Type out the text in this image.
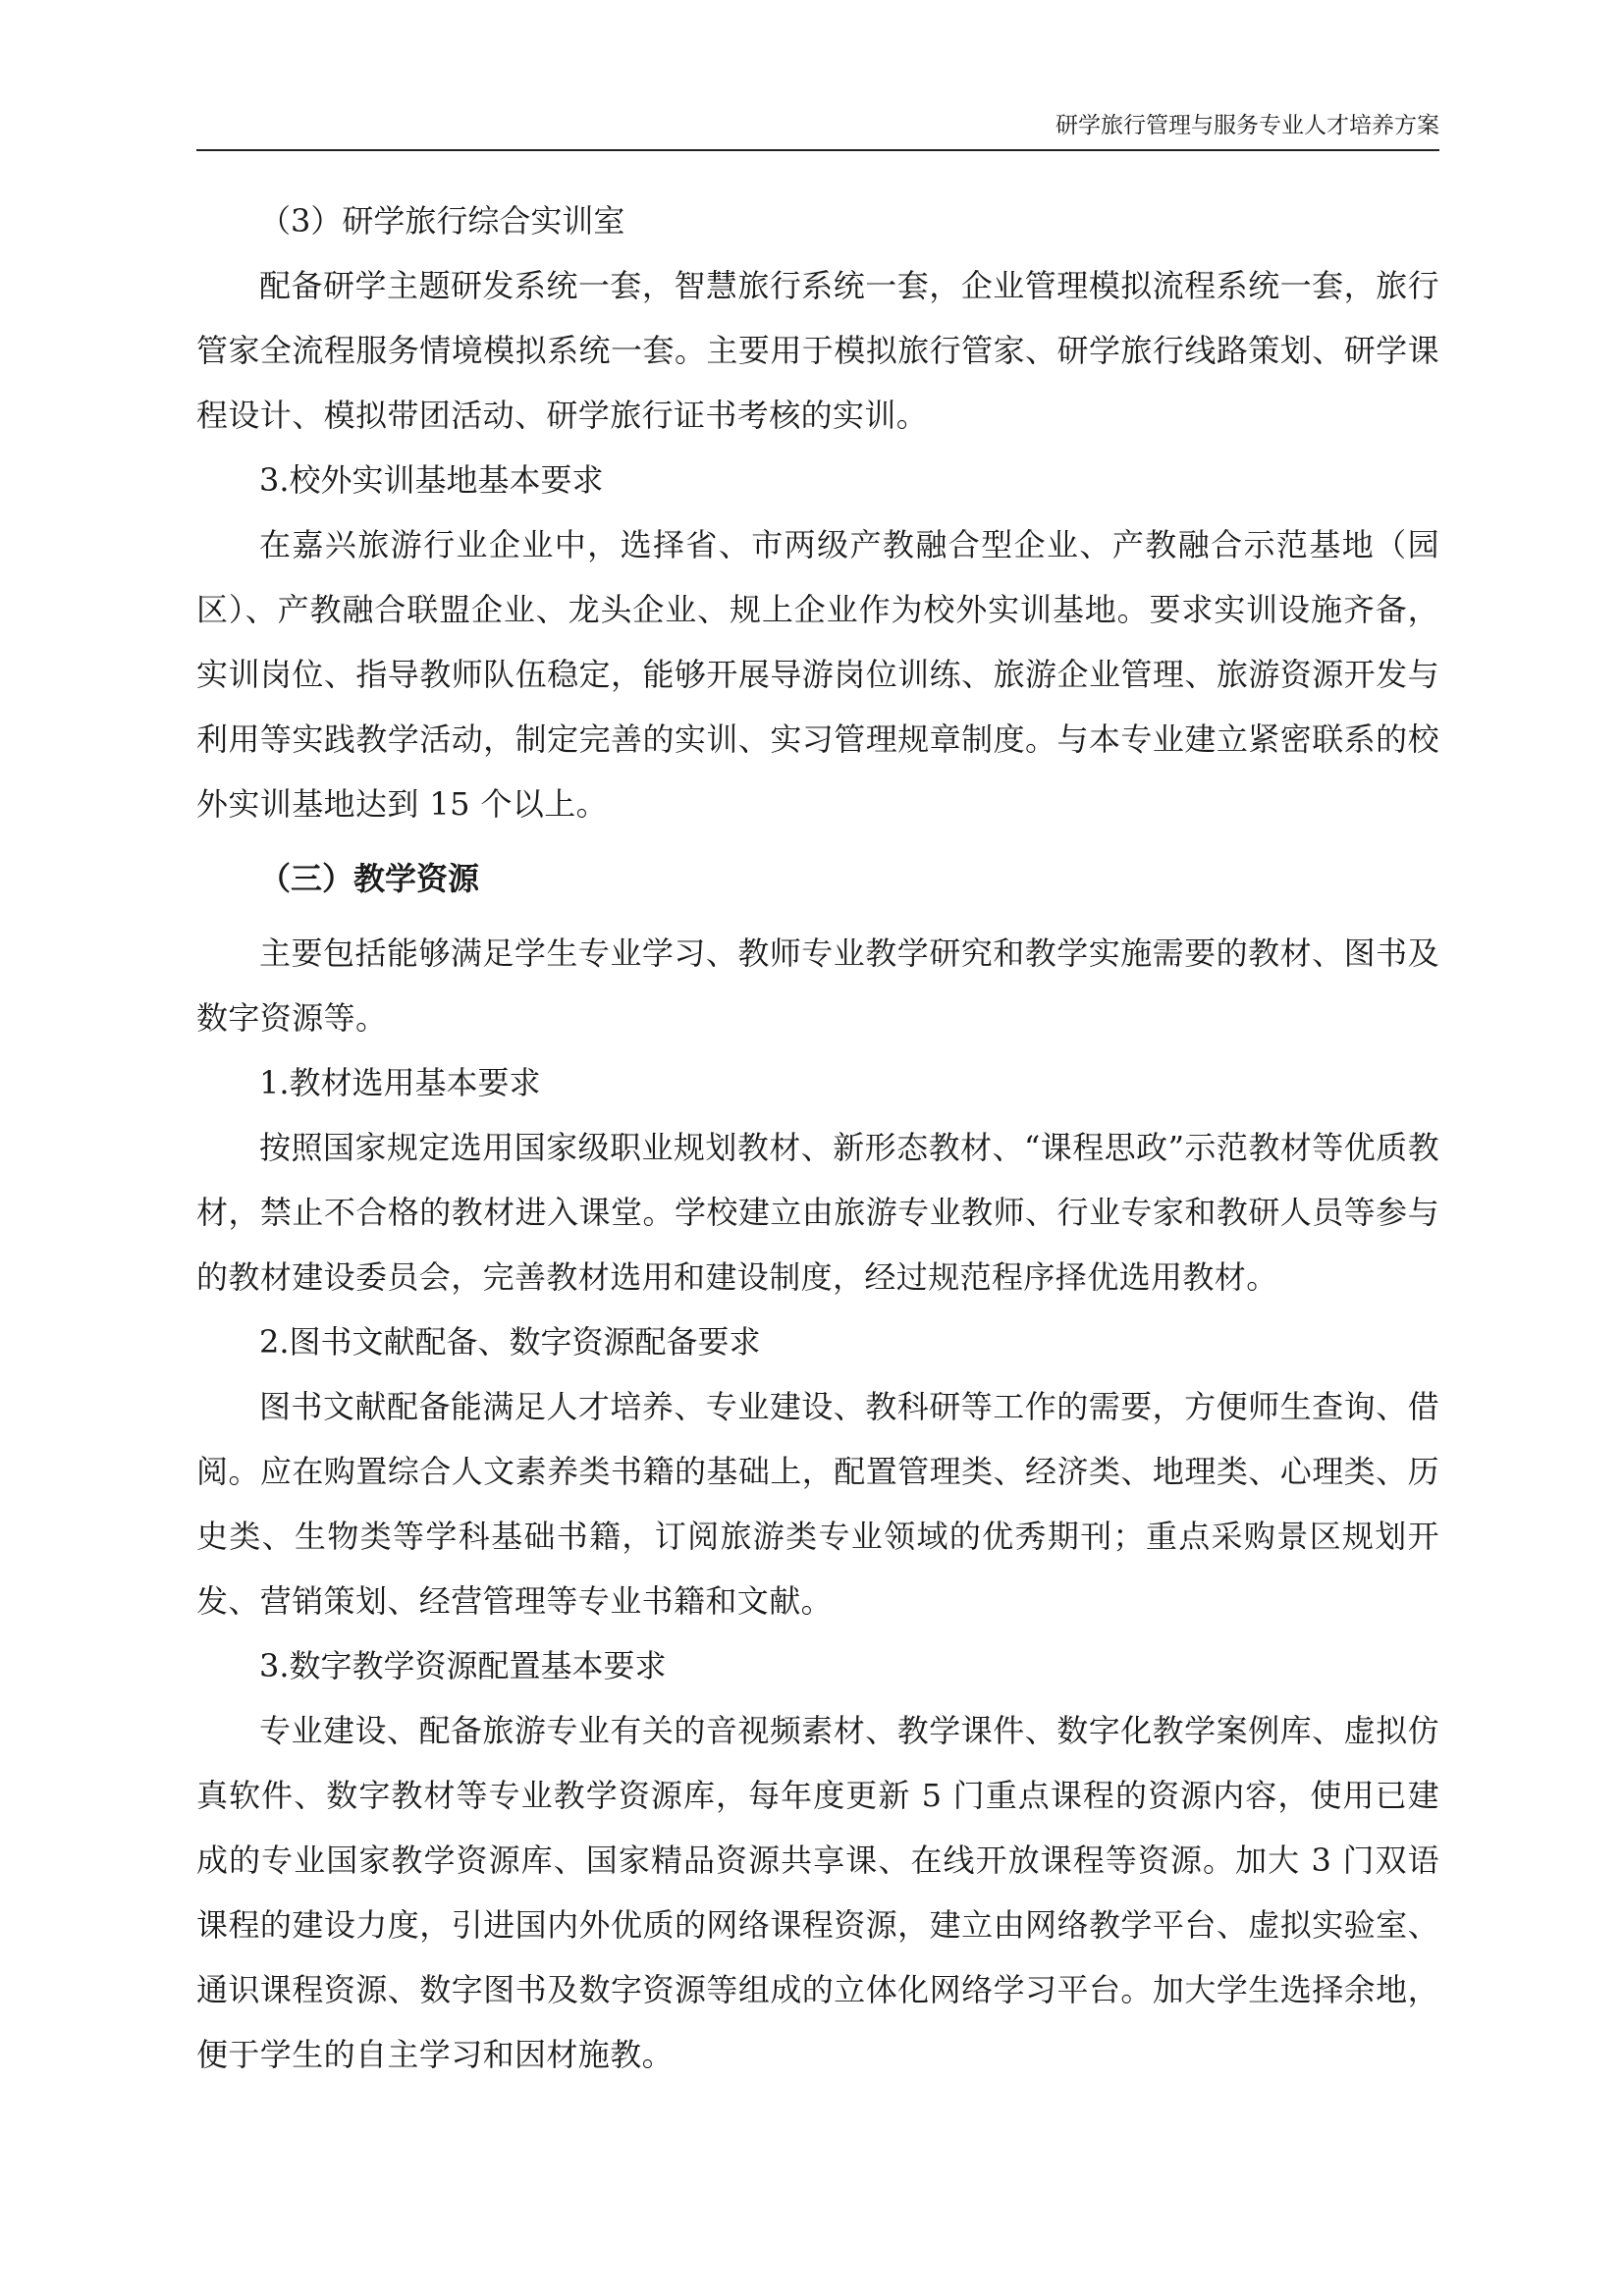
研学旅行管理与服务专业人才培养方案

（3）研学旅行综合实训室

配备研学主题研发系统一套，智慧旅行系统一套，企业管理模拟流程系统一套，旅行管家全流程服务情境模拟系统一套。主要用于模拟旅行管家、研学旅行线路策划、研学课程设计、模拟带团活动、研学旅行证书考核的实训。

3.校外实训基地基本要求

在嘉兴旅游行业企业中，选择省、市两级产教融合型企业、产教融合示范基地（园区）、产教融合联盟企业、龙头企业、规上企业作为校外实训基地。要求实训设施齐备，实训岗位、指导教师队伍稳定，能够开展导游岗位训练、旅游企业管理、旅游资源开发与利用等实践教学活动，制定完善的实训、实习管理规章制度。与本专业建立紧密联系的校外实训基地达到 15 个以上。

（三）教学资源

主要包括能够满足学生专业学习、教师专业教学研究和教学实施需要的教材、图书及数字资源等。

1.教材选用基本要求

按照国家规定选用国家级职业规划教材、新形态教材、“课程思政”示范教材等优质教材，禁止不合格的教材进入课堂。学校建立由旅游专业教师、行业专家和教研人员等参与的教材建设委员会，完善教材选用和建设制度，经过规范程序择优选用教材。

2.图书文献配备、数字资源配备要求

图书文献配备能满足人才培养、专业建设、教科研等工作的需要，方便师生查询、借阅。应在购置综合人文素养类书籍的基础上，配置管理类、经济类、地理类、心理类、历史类、生物类等学科基础书籍，订阅旅游类专业领域的优秀期刊；重点采购景区规划开发、营销策划、经营管理等专业书籍和文献。

3.数字教学资源配置基本要求

专业建设、配备旅游专业有关的音视频素材、教学课件、数字化教学案例库、虚拟仿真软件、数字教材等专业教学资源库，每年度更新 5 门重点课程的资源内容，使用已建成的专业国家教学资源库、国家精品资源共享课、在线开放课程等资源。加大 3 门双语课程的建设力度，引进国内外优质的网络课程资源，建立由网络教学平台、虚拟实验室、通识课程资源、数字图书及数字资源等组成的立体化网络学习平台。加大学生选择余地，便于学生的自主学习和因材施教。
